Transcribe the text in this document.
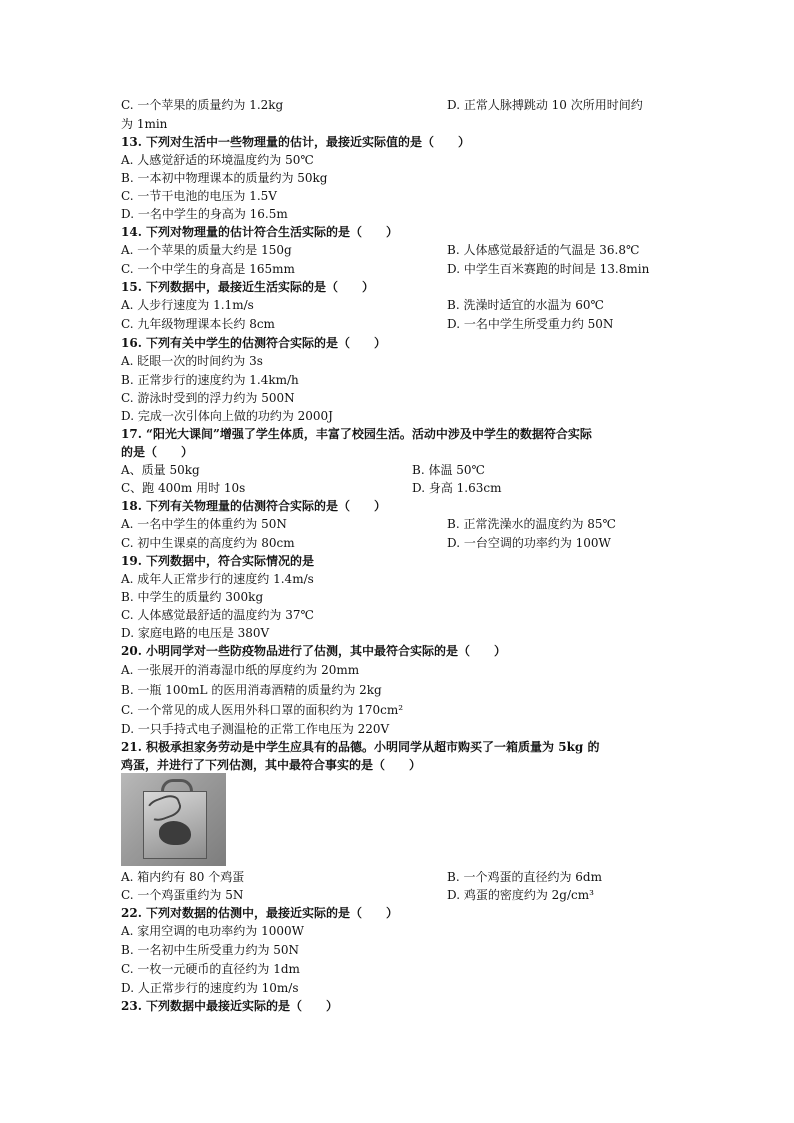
C. 一个苹果的质量约为 1.2kg	D. 正常人脉搏跳动 10 次所用时间约
为 1min
13. 下列对生活中一些物理量的估计，最接近实际值的是（　　）
A. 人感觉舒适的环境温度约为 50℃
B. 一本初中物理课本的质量约为 50kg
C. 一节干电池的电压为 1.5V
D. 一名中学生的身高为 16.5m
14. 下列对物理量的估计符合生活实际的是（　　）
A. 一个苹果的质量大约是 150g	B. 人体感觉最舒适的气温是 36.8℃
C. 一个中学生的身高是 165mm	D. 中学生百米赛跑的时间是 13.8min
15. 下列数据中，最接近生活实际的是（　　）
A. 人步行速度为 1.1m/s	B. 洗澡时适宜的水温为 60℃
C. 九年级物理课本长约 8cm	D. 一名中学生所受重力约 50N
16. 下列有关中学生的估测符合实际的是（　　）
A. 眨眼一次的时间约为 3s
B. 正常步行的速度约为 1.4km/h
C. 游泳时受到的浮力约为 500N
D. 完成一次引体向上做的功约为 2000J
17. “阳光大课间”增强了学生体质，丰富了校园生活。活动中涉及中学生的数据符合实际
的是（　　）
A、质量 50kg	B. 体温 50℃
C、跑 400m 用时 10s	D. 身高 1.63cm
18. 下列有关物理量的估测符合实际的是（　　）
A. 一名中学生的体重约为 50N	B. 正常洗澡水的温度约为 85℃
C. 初中生课桌的高度约为 80cm	D. 一台空调的功率约为 100W
19. 下列数据中，符合实际情况的是
A. 成年人正常步行的速度约 1.4m/s
B. 中学生的质量约 300kg
C. 人体感觉最舒适的温度约为 37℃
D. 家庭电路的电压是 380V
20. 小明同学对一些防疫物品进行了估测，其中最符合实际的是（　　）
A. 一张展开的消毒湿巾纸的厚度约为 20mm
B. 一瓶 100mL 的医用消毒酒精的质量约为 2kg
C. 一个常见的成人医用外科口罩的面积约为 170cm²
D. 一只手持式电子测温枪的正常工作电压为 220V
21. 积极承担家务劳动是中学生应具有的品德。小明同学从超市购买了一箱质量为 5kg 的
鸡蛋，并进行了下列估测，其中最符合事实的是（　　）
A. 箱内约有 80 个鸡蛋	B. 一个鸡蛋的直径约为 6dm
C. 一个鸡蛋重约为 5N	D. 鸡蛋的密度约为 2g/cm³
22. 下列对数据的估测中，最接近实际的是（　　）
A. 家用空调的电功率约为 1000W
B. 一名初中生所受重力约为 50N
C. 一枚一元硬币的直径约为 1dm
D. 人正常步行的速度约为 10m/s
23. 下列数据中最接近实际的是（　　）
